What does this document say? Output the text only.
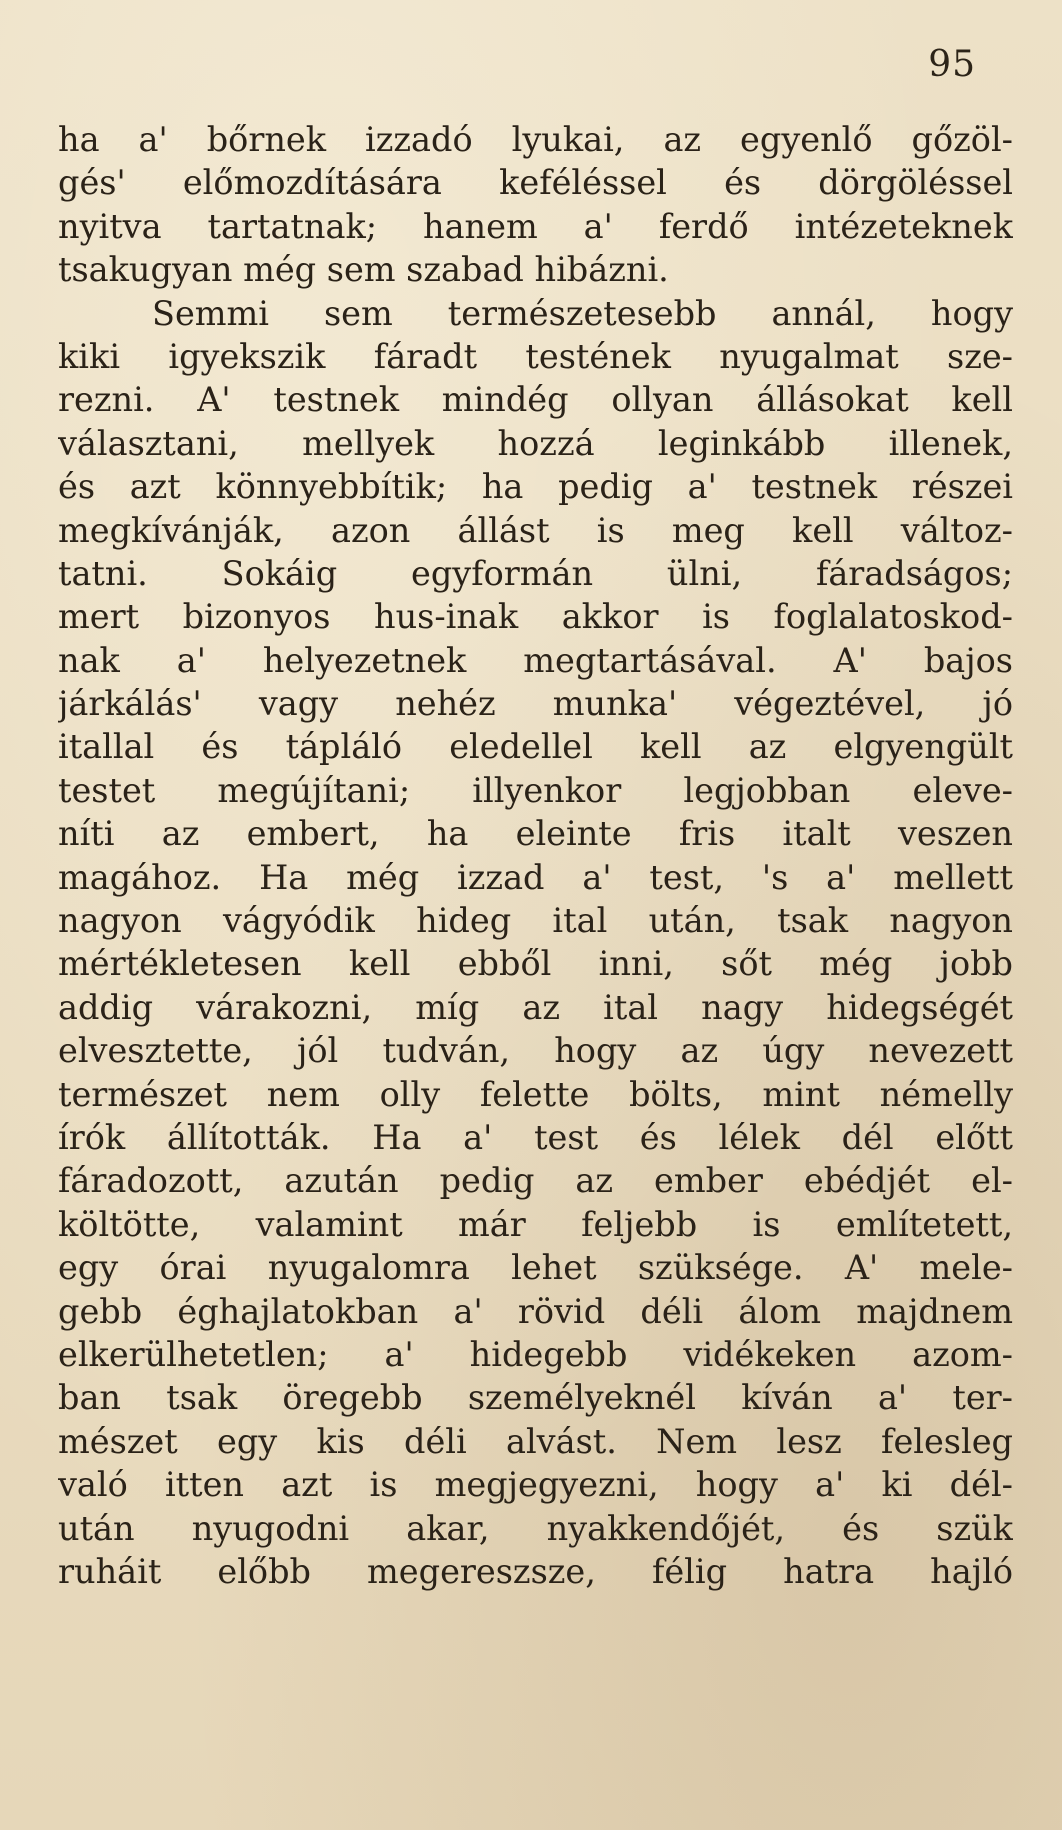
95
ha a' bőrnek izzadó lyukai, az egyenlő gőzöl-
gés' előmozdítására keféléssel és dörgöléssel
nyitva tartatnak; hanem a' ferdő intézeteknek
tsakugyan még sem szabad hibázni.
Semmi sem természetesebb annál, hogy
kiki igyekszik fáradt testének nyugalmat sze-
rezni. A' testnek mindég ollyan állásokat kell
választani, mellyek hozzá leginkább illenek,
és azt könnyebbítik; ha pedig a' testnek részei
megkívánják, azon állást is meg kell változ-
tatni. Sokáig egyformán ülni, fáradságos;
mert bizonyos hus-inak akkor is foglalatoskod-
nak a' helyezetnek megtartásával. A' bajos
járkálás' vagy nehéz munka' végeztével, jó
itallal és tápláló eledellel kell az elgyengült
testet megújítani; illyenkor legjobban eleve-
níti az embert, ha eleinte fris italt veszen
magához. Ha még izzad a' test, 's a' mellett
nagyon vágyódik hideg ital után, tsak nagyon
mértékletesen kell ebből inni, sőt még jobb
addig várakozni, míg az ital nagy hidegségét
elvesztette, jól tudván, hogy az úgy nevezett
természet nem olly felette bölts, mint némelly
írók állították. Ha a' test és lélek dél előtt
fáradozott, azután pedig az ember ebédjét el-
költötte, valamint már feljebb is említetett,
egy órai nyugalomra lehet szüksége. A' mele-
gebb éghajlatokban a' rövid déli álom majdnem
elkerülhetetlen; a' hidegebb vidékeken azom-
ban tsak öregebb személyeknél kíván a' ter-
mészet egy kis déli alvást. Nem lesz felesleg
való itten azt is megjegyezni, hogy a' ki dél-
után nyugodni akar, nyakkendőjét, és szük
ruháit előbb megereszsze, félig hatra hajló
